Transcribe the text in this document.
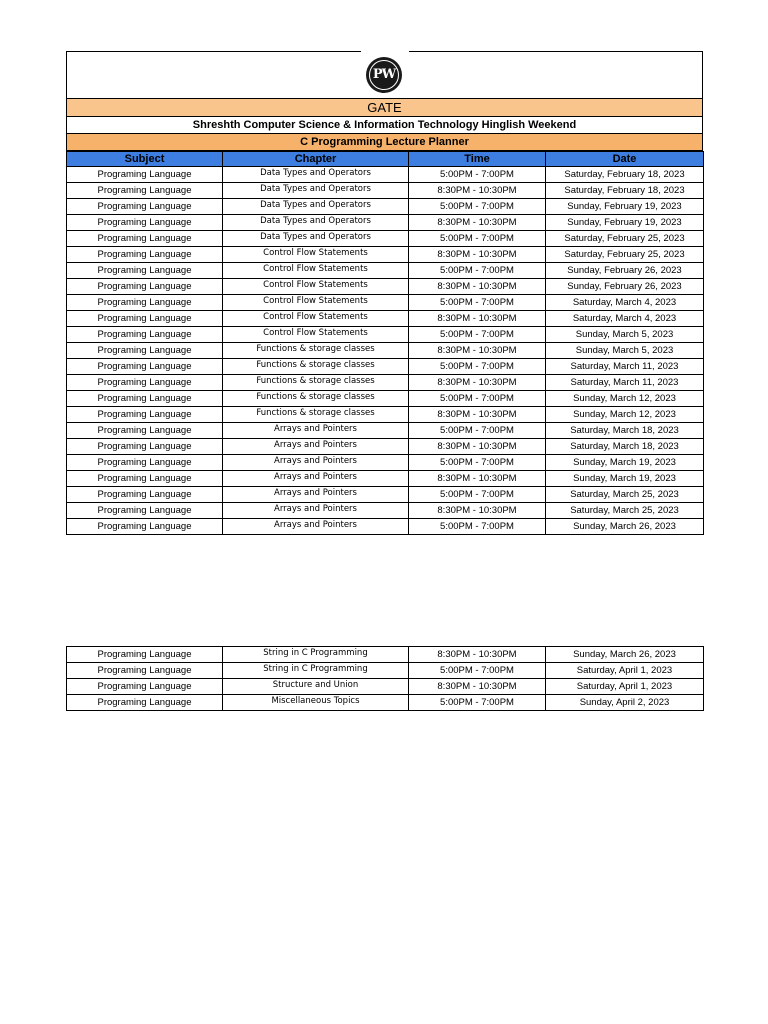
PW
GATE
Shreshth Computer Science & Information Technology Hinglish Weekend
C Programming Lecture Planner
Subject	Chapter	Time	Date
Programing Language	Data Types and Operators	5:00PM - 7:00PM	Saturday, February 18, 2023
Programing Language	Data Types and Operators	8:30PM - 10:30PM	Saturday, February 18, 2023
Programing Language	Data Types and Operators	5:00PM - 7:00PM	Sunday, February 19, 2023
Programing Language	Data Types and Operators	8:30PM - 10:30PM	Sunday, February 19, 2023
Programing Language	Data Types and Operators	5:00PM - 7:00PM	Saturday, February 25, 2023
Programing Language	Control Flow Statements	8:30PM - 10:30PM	Saturday, February 25, 2023
Programing Language	Control Flow Statements	5:00PM - 7:00PM	Sunday, February 26, 2023
Programing Language	Control Flow Statements	8:30PM - 10:30PM	Sunday, February 26, 2023
Programing Language	Control Flow Statements	5:00PM - 7:00PM	Saturday, March 4, 2023
Programing Language	Control Flow Statements	8:30PM - 10:30PM	Saturday, March 4, 2023
Programing Language	Control Flow Statements	5:00PM - 7:00PM	Sunday, March 5, 2023
Programing Language	Functions & storage classes	8:30PM - 10:30PM	Sunday, March 5, 2023
Programing Language	Functions & storage classes	5:00PM - 7:00PM	Saturday, March 11, 2023
Programing Language	Functions & storage classes	8:30PM - 10:30PM	Saturday, March 11, 2023
Programing Language	Functions & storage classes	5:00PM - 7:00PM	Sunday, March 12, 2023
Programing Language	Functions & storage classes	8:30PM - 10:30PM	Sunday, March 12, 2023
Programing Language	Arrays and Pointers	5:00PM - 7:00PM	Saturday, March 18, 2023
Programing Language	Arrays and Pointers	8:30PM - 10:30PM	Saturday, March 18, 2023
Programing Language	Arrays and Pointers	5:00PM - 7:00PM	Sunday, March 19, 2023
Programing Language	Arrays and Pointers	8:30PM - 10:30PM	Sunday, March 19, 2023
Programing Language	Arrays and Pointers	5:00PM - 7:00PM	Saturday, March 25, 2023
Programing Language	Arrays and Pointers	8:30PM - 10:30PM	Saturday, March 25, 2023
Programing Language	Arrays and Pointers	5:00PM - 7:00PM	Sunday, March 26, 2023
Programing Language	String in C Programming	8:30PM - 10:30PM	Sunday, March 26, 2023
Programing Language	String in C Programming	5:00PM - 7:00PM	Saturday, April 1, 2023
Programing Language	Structure and Union	8:30PM - 10:30PM	Saturday, April 1, 2023
Programing Language	Miscellaneous Topics	5:00PM - 7:00PM	Sunday, April 2, 2023
